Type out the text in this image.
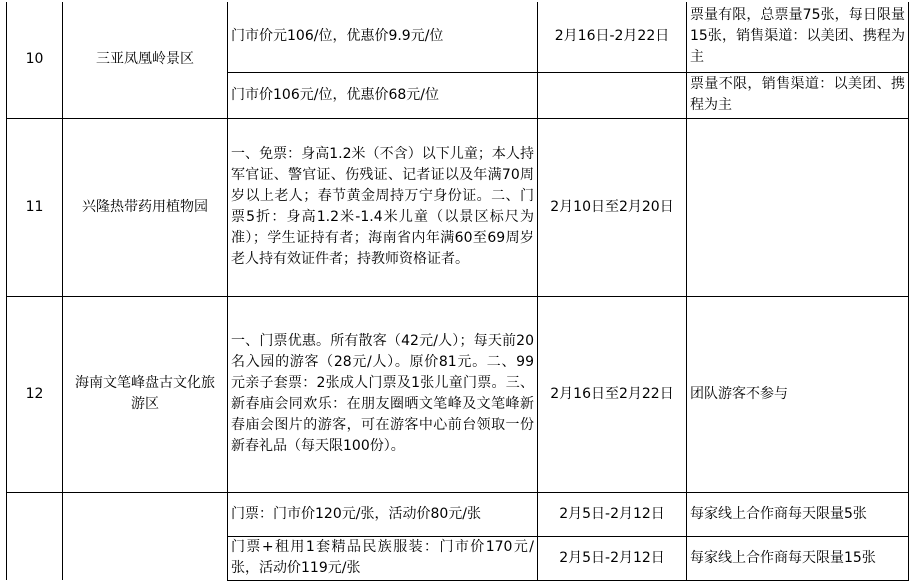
10	三亚凤凰岭景区	门市价元106/位，优惠价9.9元/位	2月16日-2月22日	票量有限，总票量75张，每日限量15张，销售渠道：以美团、携程为主
		门市价106元/位，优惠价68元/位		票量不限，销售渠道：以美团、携程为主
11	兴隆热带药用植物园	一、免票：身高1.2米（不含）以下儿童；本人持军官证、警官证、伤残证、记者证以及年满70周岁以上老人；春节黄金周持万宁身份证。二、门票5折：身高1.2米-1.4米儿童（以景区标尺为准）；学生证持有者；海南省内年满60至69周岁老人持有效证件者；持教师资格证者。	2月10日至2月20日	
12	海南文笔峰盘古文化旅游区	一、门票优惠。所有散客（42元/人）；每天前20名入园的游客（28元/人）。原价81元。二、99元亲子套票：2张成人门票及1张儿童门票。三、新春庙会同欢乐：在朋友圈晒文笔峰及文笔峰新春庙会图片的游客，可在游客中心前台领取一份新春礼品（每天限100份）。	2月16日至2月22日	团队游客不参与
		门票：门市价120元/张，活动价80元/张	2月5日-2月12日	每家线上合作商每天限量5张
		门票+租用1套精品民族服装：门市价170元/张，活动价119元/张	2月5日-2月12日	每家线上合作商每天限量15张
